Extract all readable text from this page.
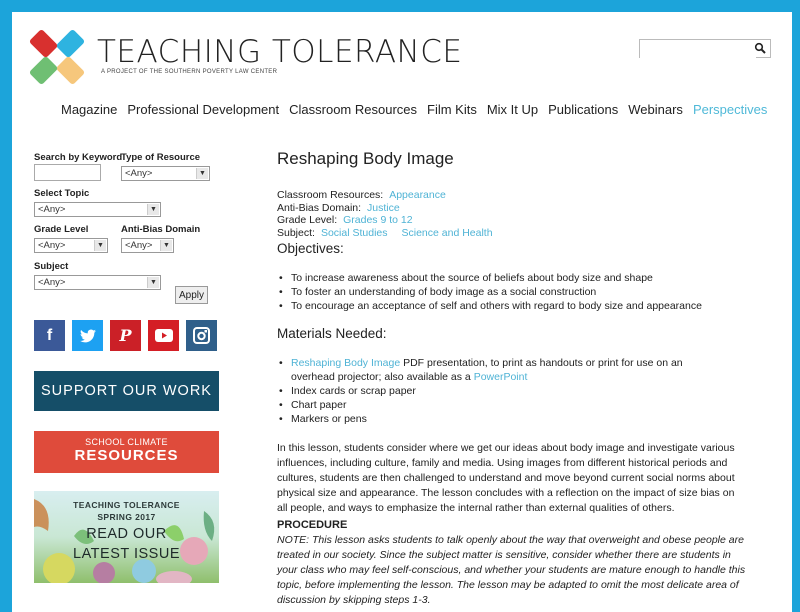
TEACHING TOLERANCE
A PROJECT OF THE SOUTHERN POVERTY LAW CENTER
Magazine Professional Development Classroom Resources Film Kits Mix It Up Publications Webinars Perspectives
Search by Keyword
Type of Resource
<Any>	▼
Select Topic
<Any>	▼
Grade Level
<Any>	▼
Anti-Bias Domain
<Any>	▼
Subject
<Any>	▼
Apply
f	P
SUPPORT OUR WORK
SCHOOL CLIMATE
RESOURCES
TEACHING TOLERANCE
SPRING 2017
READ OUR
LATEST ISSUE
Reshaping Body Image
Classroom Resources: Appearance
Anti-Bias Domain: Justice
Grade Level: Grades 9 to 12
Subject: Social Studies Science and Health
Objectives:
• To increase awareness about the source of beliefs about body size and shape
• To foster an understanding of body image as a social construction
• To encourage an acceptance of self and others with regard to body size and appearance
Materials Needed:
• Reshaping Body Image PDF presentation, to print as handouts or print for use on an overhead projector; also available as a PowerPoint
• Index cards or scrap paper
• Chart paper
• Markers or pens

In this lesson, students consider where we get our ideas about body image and investigate various influences, including culture, family and media. Using images from different historical periods and cultures, students are then challenged to understand and move beyond current social norms about physical size and appearance. The lesson concludes with a reflection on the impact of size bias on all people, and ways to emphasize the internal rather than external qualities of others.

PROCEDURE

NOTE: This lesson asks students to talk openly about the way that overweight and obese people are treated in our society. Since the subject matter is sensitive, consider whether there are students in your class who may feel self-conscious, and whether your students are mature enough to handle this topic, before implementing the lesson. The lesson may be adapted to omit the most delicate area of discussion by skipping steps 1-3.
